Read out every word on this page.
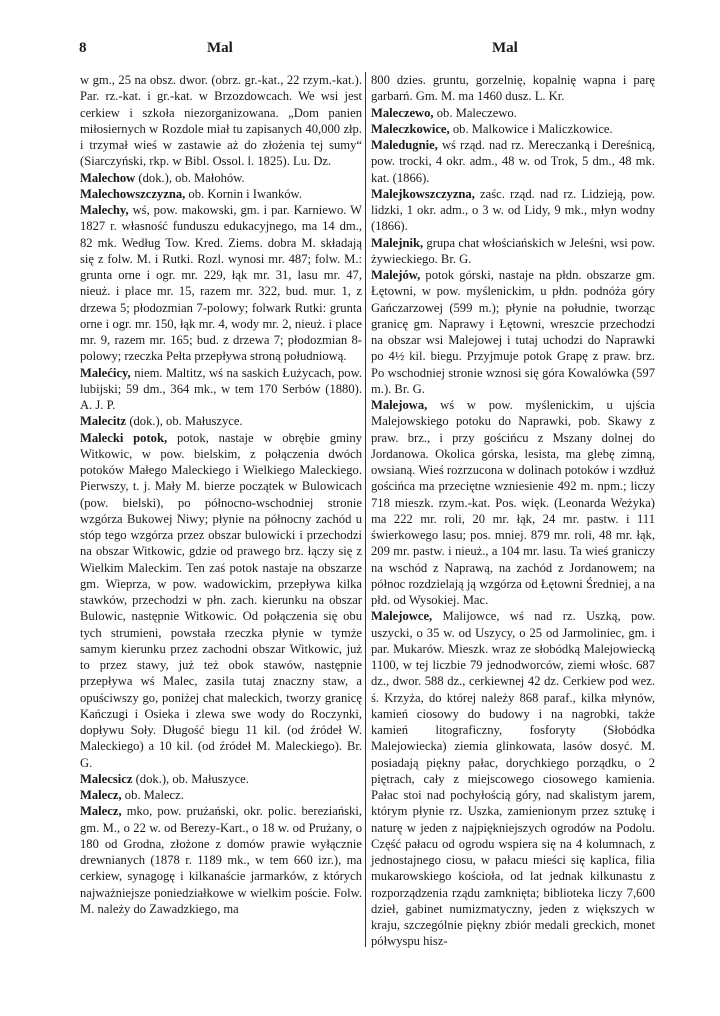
8	Mal	Mal

w gm., 25 na obsz. dwor. (obrz. gr.-kat., 22 rzym.-kat.). Par. rz.-kat. i gr.-kat. w Brzozdowcach. We wsi jest cerkiew i szkoła niezorganizowana. „Dom panien miłosiernych w Rozdole miał tu zapisanych 40,000 złp. i trzymał wieś w zastawie aż do złożenia tej sumy“ (Siarczyński, rkp. w Bibl. Ossol. l. 1825). Lu. Dz.

Malechow (dok.), ob. Małohów.

Malechowszczyzna, ob. Kornin i Iwanków.

Malechy, wś, pow. makowski, gm. i par. Karniewo. W 1827 r. własność funduszu edukacyjnego, ma 14 dm., 82 mk. Według Tow. Kred. Ziems. dobra M. składają się z folw. M. i Rutki. Rozl. wynosi mr. 487; folw. M.: grunta orne i ogr. mr. 229, łąk mr. 31, lasu mr. 47, nieuż. i place mr. 15, razem mr. 322, bud. mur. 1, z drzewa 5; płodozmian 7-polowy; folwark Rutki: grunta orne i ogr. mr. 150, łąk mr. 4, wody mr. 2, nieuż. i place mr. 9, razem mr. 165; bud. z drzewa 7; płodozmian 8-polowy; rzeczka Pełta przepływa stroną południową.

Malećicy, niem. Maltitz, wś na saskich Łużycach, pow. lubijski; 59 dm., 364 mk., w tem 170 Serbów (1880). A. J. P.

Malecitz (dok.), ob. Małuszyce.

Malecki potok, potok, nastaje w obrębie gminy Witkowic, w pow. bielskim, z połączenia dwóch potoków Małego Maleckiego i Wielkiego Maleckiego. Pierwszy, t. j. Mały M. bierze początek w Bulowicach (pow. bielski), po północno-wschodniej stronie wzgórza Bukowej Niwy; płynie na północny zachód u stóp tego wzgórza przez obszar bulowicki i przechodzi na obszar Witkowic, gdzie od prawego brz. łączy się z Wielkim Maleckim. Ten zaś potok nastaje na obszarze gm. Wieprza, w pow. wadowickim, przepływa kilka stawków, przechodzi w płn. zach. kierunku na obszar Bulowic, następnie Witkowic. Od połączenia się obu tych strumieni, powstała rzeczka płynie w tymże samym kierunku przez zachodni obszar Witkowic, już to przez stawy, już też obok stawów, następnie przepływa wś Malec, zasila tutaj znaczny staw, a opuściwszy go, poniżej chat maleckich, tworzy granicę Kańczugi i Osieka i zlewa swe wody do Roczynki, dopływu Soły. Długość biegu 11 kil. (od źródeł W. Maleckiego) a 10 kil. (od źródeł M. Maleckiego). Br. G.

Malecsicz (dok.), ob. Małuszyce.

Malecz, ob. Malecz.

Malecz, mko, pow. prużański, okr. polic. bereziański, gm. M., o 22 w. od Berezy-Kart., o 18 w. od Prużany, o 180 od Grodna, złożone z domów prawie wyłącznie drewnianych (1878 r. 1189 mk., w tem 660 izr.), ma cerkiew, synagogę i kilkanaście jarmarków, z których najważniejsze poniedziałkowe w wielkim poście. Folw. M. należy do Zawadzkiego, ma

800 dzies. gruntu, gorzelnię, kopalnię wapna i parę garbarń. Gm. M. ma 1460 dusz. L. Kr.

Maleczewo, ob. Maleczewo.

Maleczkowice, ob. Malkowice i Maliczkowice.

Maledugnie, wś rząd. nad rz. Mereczanką i Dereśnicą, pow. trocki, 4 okr. adm., 48 w. od Trok, 5 dm., 48 mk. kat. (1866).

Malejkowszczyzna, zaśc. rząd. nad rz. Lidzieją, pow. lidzki, 1 okr. adm., o 3 w. od Lidy, 9 mk., młyn wodny (1866).

Malejnik, grupa chat włościańskich w Jeleśni, wsi pow. żywieckiego. Br. G.

Malejów, potok górski, nastaje na płdn. obszarze gm. Łętowni, w pow. myślenickim, u płdn. podnóża góry Gańczarzowej (599 m.); płynie na południe, tworząc granicę gm. Naprawy i Łętowni, wreszcie przechodzi na obszar wsi Malejowej i tutaj uchodzi do Naprawki po 4½ kil. biegu. Przyjmuje potok Grapę z praw. brz. Po wschodniej stronie wznosi się góra Kowalówka (597 m.). Br. G.

Malejowa, wś w pow. myślenickim, u ujścia Malejowskiego potoku do Naprawki, pob. Skawy z praw. brz., i przy gościńcu z Mszany dolnej do Jordanowa. Okolica górska, lesista, ma glebę zimną, owsianą. Wieś rozrzucona w dolinach potoków i wzdłuż gościńca ma przeciętne wzniesienie 492 m. npm.; liczy 718 mieszk. rzym.-kat. Pos. więk. (Leonarda Weżyka) ma 222 mr. roli, 20 mr. łąk, 24 mr. pastw. i 111 świerkowego lasu; pos. mniej. 879 mr. roli, 48 mr. łąk, 209 mr. pastw. i nieuż., a 104 mr. lasu. Ta wieś graniczy na wschód z Naprawą, na zachód z Jordanowem; na północ rozdzielają ją wzgórza od Łętowni Średniej, a na płd. od Wysokiej. Mac.

Malejowce, Malijowce, wś nad rz. Uszką, pow. uszycki, o 35 w. od Uszycy, o 25 od Jarmoliniec, gm. i par. Mukarów. Mieszk. wraz ze słobódką Malejowiecką 1100, w tej liczbie 79 jednodworców, ziemi włośc. 687 dz., dwor. 588 dz., cerkiewnej 42 dz. Cerkiew pod wez. ś. Krzyża, do której należy 868 paraf., kilka młynów, kamień ciosowy do budowy i na nagrobki, także kamień litograficzny, fosforyty (Słobódka Malejowiecka) ziemia glinkowata, lasów dosyć. M. posiadają piękny pałac, dorychkiego porządku, o 2 piętrach, cały z miejscowego ciosowego kamienia. Pałac stoi nad pochyłością góry, nad skalistym jarem, którym płynie rz. Uszka, zamienionym przez sztukę i naturę w jeden z najpiękniejszych ogrodów na Podolu. Część pałacu od ogrodu wspiera się na 4 kolumnach, z jednostajnego ciosu, w pałacu mieści się kaplica, filia mukarowskiego kościoła, od lat jednak kilkunastu z rozporządzenia rządu zamknięta; biblioteka liczy 7,600 dzieł, gabinet numizmatyczny, jeden z większych w kraju, szczególnie piękny zbiór medali greckich, monet półwyspu hisz-
